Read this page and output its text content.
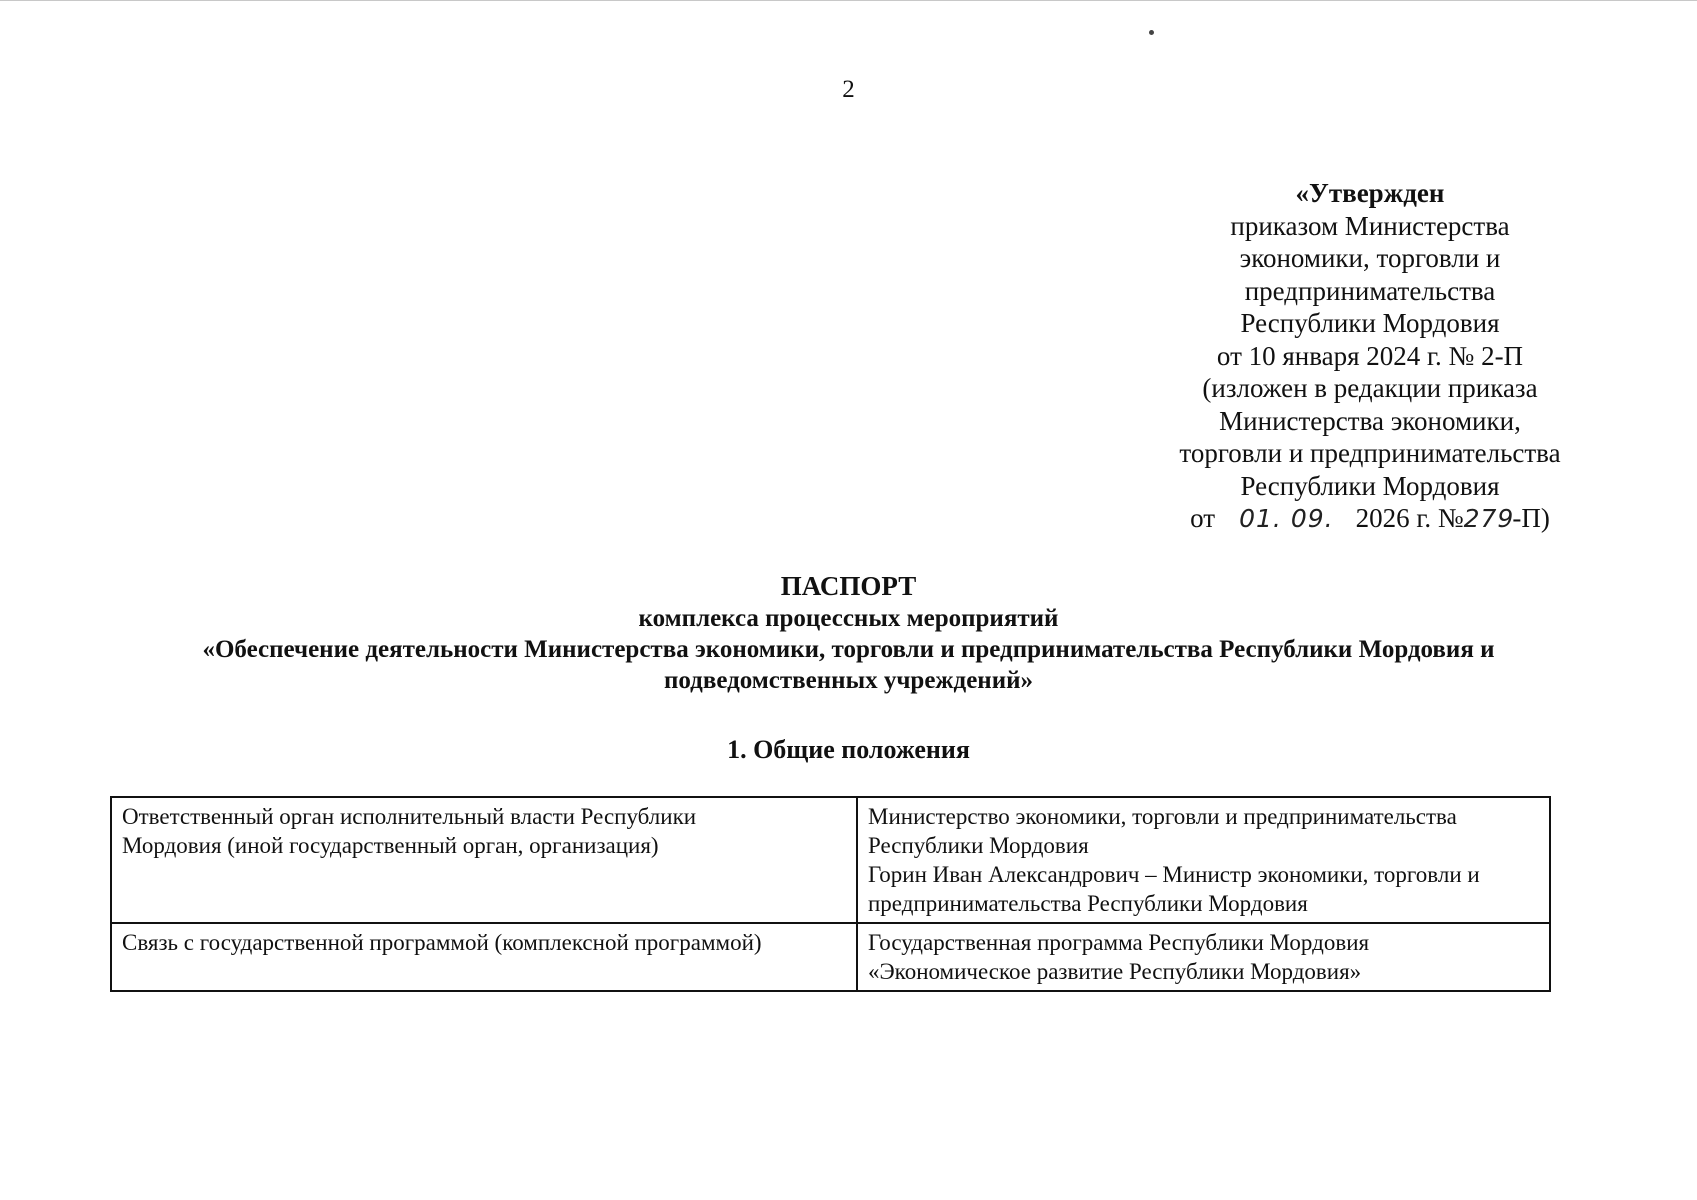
2
«Утвержден
приказом Министерства
экономики, торговли и
предпринимательства
Республики Мордовия
от 10 января 2024 г. № 2-П
(изложен в редакции приказа
Министерства экономики,
торговли и предпринимательства
Республики Мордовия
от 01. 09. 2026 г. №279-П)
ПАСПОРТ
комплекса процессных мероприятий
«Обеспечение деятельности Министерства экономики, торговли и предпринимательства Республики Мордовия и
подведомственных учреждений»
1. Общие положения
Ответственный орган исполнительный власти Республики
Мордовия (иной государственный орган, организация)	Министерство экономики, торговли и предпринимательства
Республики Мордовия
Горин Иван Александрович – Министр экономики, торговли и
предпринимательства Республики Мордовия

Связь с государственной программой (комплексной программой)	Государственная программа Республики Мордовия
«Экономическое развитие Республики Мордовия»
